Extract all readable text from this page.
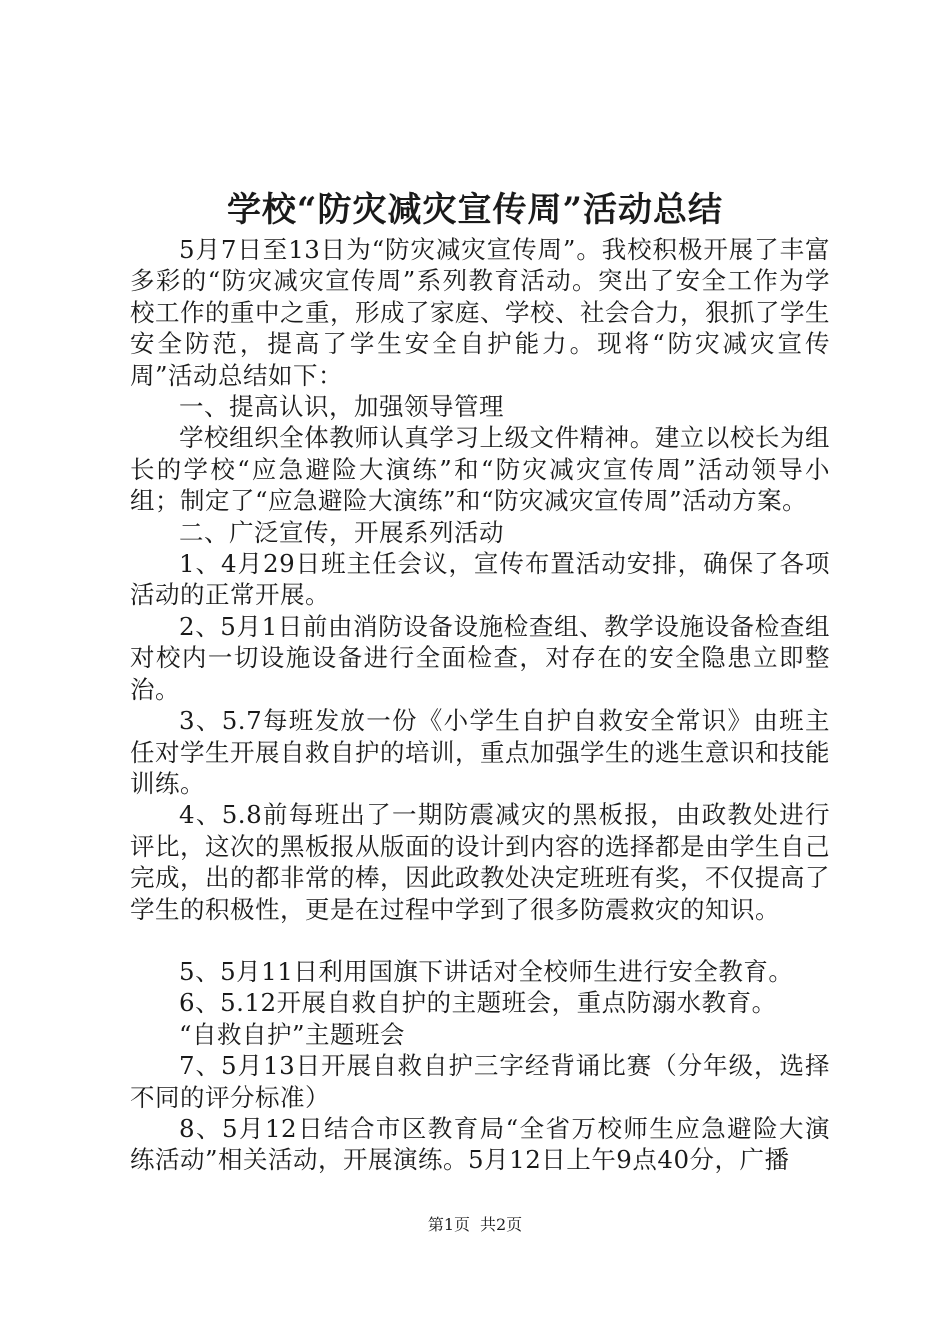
学校“防灾减灾宣传周”活动总结

5月7日至13日为“防灾减灾宣传周”。我校积极开展了丰富多彩的“防灾减灾宣传周”系列教育活动。突出了安全工作为学校工作的重中之重，形成了家庭、学校、社会合力，狠抓了学生安全防范，提高了学生安全自护能力。现将“防灾减灾宣传周”活动总结如下：

一、提高认识，加强领导管理

学校组织全体教师认真学习上级文件精神。建立以校长为组长的学校“应急避险大演练”和“防灾减灾宣传周”活动领导小组；制定了“应急避险大演练”和“防灾减灾宣传周”活动方案。

二、广泛宣传，开展系列活动

1、4月29日班主任会议，宣传布置活动安排，确保了各项活动的正常开展。

2、5月1日前由消防设备设施检查组、教学设施设备检查组对校内一切设施设备进行全面检查，对存在的安全隐患立即整治。

3、5.7每班发放一份《小学生自护自救安全常识》由班主任对学生开展自救自护的培训，重点加强学生的逃生意识和技能训练。

4、5.8前每班出了一期防震减灾的黑板报，由政教处进行评比，这次的黑板报从版面的设计到内容的选择都是由学生自己完成，出的都非常的棒，因此政教处决定班班有奖，不仅提高了学生的积极性，更是在过程中学到了很多防震救灾的知识。

5、5月11日利用国旗下讲话对全校师生进行安全教育。

6、5.12开展自救自护的主题班会，重点防溺水教育。

“自救自护”主题班会

7、5月13日开展自救自护三字经背诵比赛（分年级，选择不同的评分标准）

8、5月12日结合市区教育局“全省万校师生应急避险大演练活动”相关活动，开展演练。5月12日上午9点40分，广播

第1页 共2页
